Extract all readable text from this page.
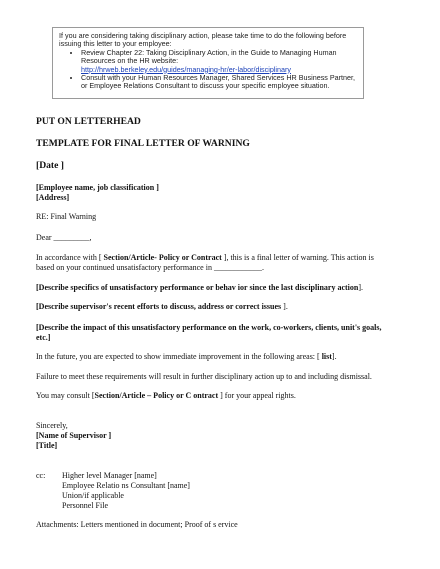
If you are considering taking disciplinary action, please take time to do the following before issuing this letter to your employee:
• Review Chapter 22: Taking Disciplinary Action, in the Guide to Managing Human Resources on the HR website:
http://hrweb.berkeley.edu/guides/managing-hr/er-labor/disciplinary
• Consult with your Human Resources Manager, Shared Services HR Business Partner, or Employee Relations Consultant to discuss your specific employee situation.
PUT ON LETTERHEAD
TEMPLATE FOR FINAL LETTER OF WARNING
[Date ]
[Employee name, job classification ]
[Address]
RE: Final Warning
Dear _________,
In accordance with [ Section/Article- Policy or Contract ], this is a final letter of warning. This action is
based on your continued unsatisfactory performance in ____________.
[Describe specifics of unsatisfactory performance or behav ior since the last disciplinary action].
[Describe supervisor's recent efforts to discuss, address or correct issues ].
[Describe the impact of this unsatisfactory performance on the work, co-workers, clients, unit's goals, etc.]
In the future, you are expected to show immediate improvement in the following areas: [ list].
Failure to meet these requirements will result in further disciplinary action up to and including dismissal.
You may consult [Section/Article – Policy or C ontract ] for your appeal rights.
Sincerely,
[Name of Supervisor ]
[Title]
cc: Higher level Manager [name]
Employee Relatio ns Consultant [name]
Union/if applicable
Personnel File
Attachments: Letters mentioned in document; Proof of s ervice
